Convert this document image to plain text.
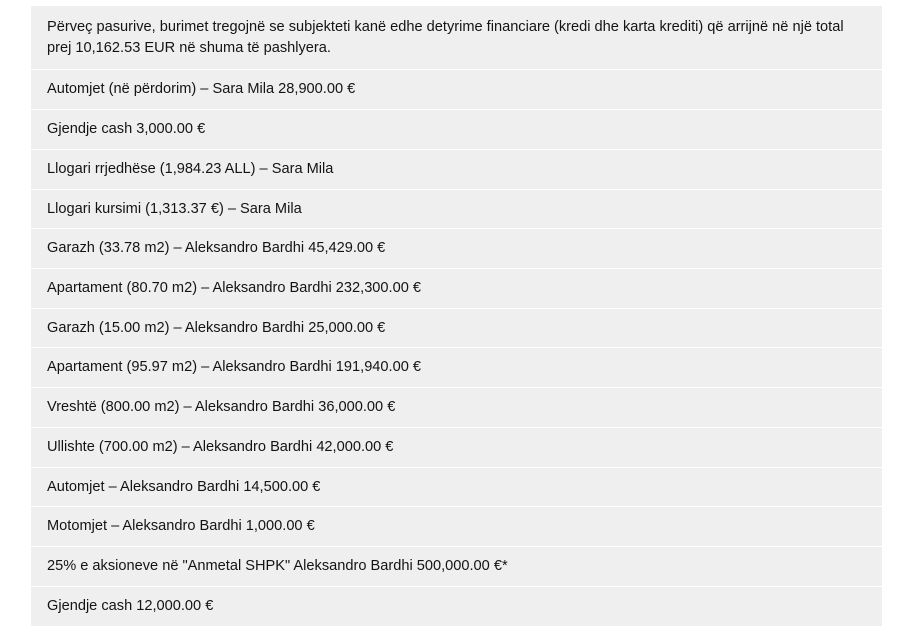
Përveç pasurive, burimet tregojnë se subjekteti kanë edhe detyrime financiare (kredi dhe karta krediti) që arrijnë në një total prej 10,162.53 EUR në shuma të pashlyera.
Automjet (në përdorim) – Sara Mila 28,900.00 €
Gjendje cash 3,000.00 €
Llogari rrjedhëse (1,984.23 ALL) – Sara Mila
Llogari kursimi (1,313.37 €) – Sara Mila
Garazh (33.78 m2) – Aleksandro Bardhi 45,429.00 €
Apartament (80.70 m2) – Aleksandro Bardhi 232,300.00 €
Garazh (15.00 m2) – Aleksandro Bardhi 25,000.00 €
Apartament (95.97 m2) – Aleksandro Bardhi 191,940.00 €
Vreshtë (800.00 m2) – Aleksandro Bardhi 36,000.00 €
Ullishte (700.00 m2) – Aleksandro Bardhi 42,000.00 €
Automjet – Aleksandro Bardhi 14,500.00 €
Motomjet – Aleksandro Bardhi 1,000.00 €
25% e aksioneve në "Anmetal SHPK" Aleksandro Bardhi 500,000.00 €*
Gjendje cash 12,000.00 €
